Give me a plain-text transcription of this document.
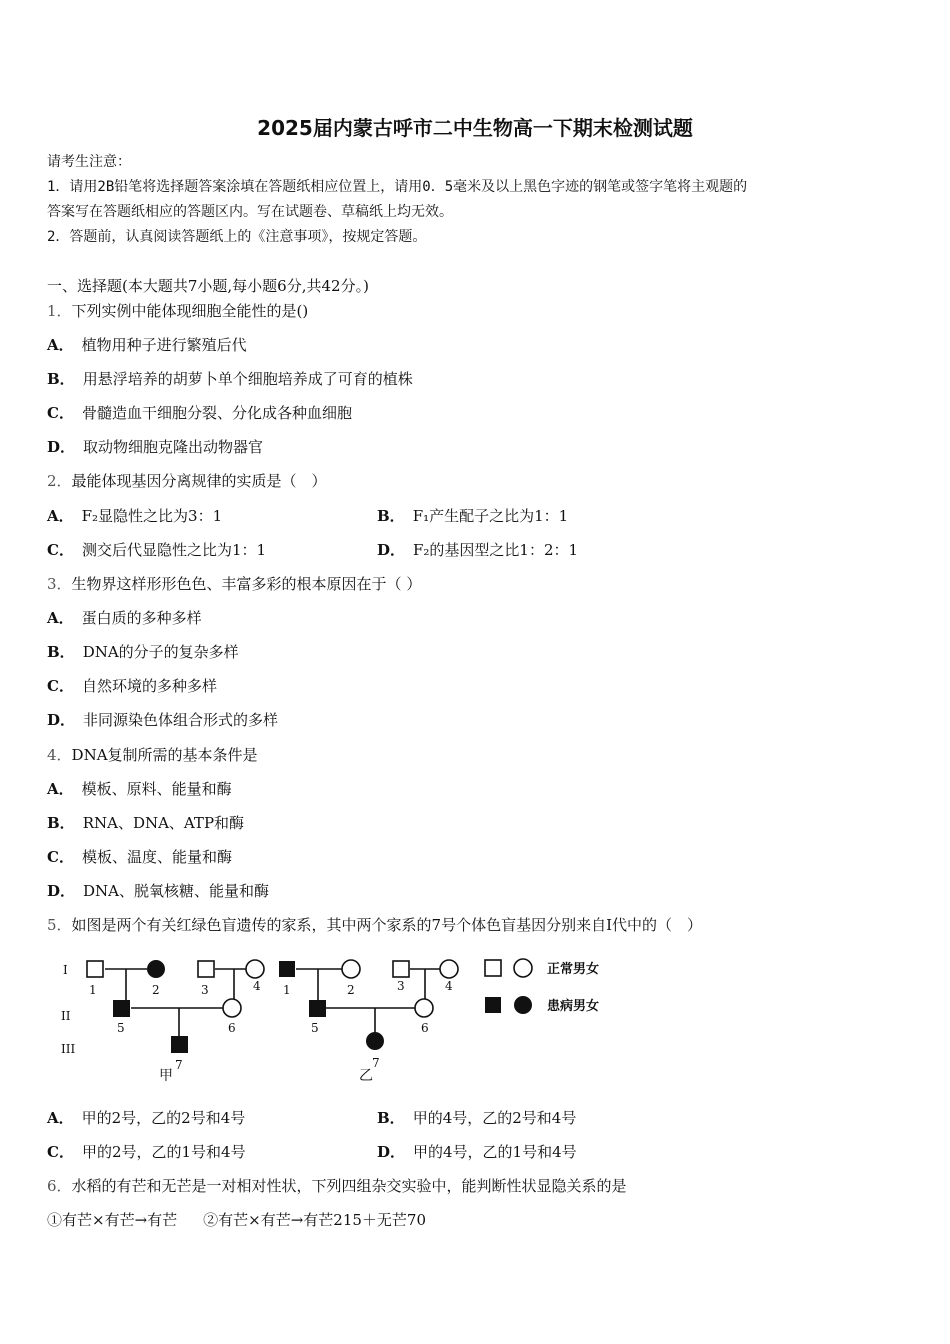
2025届内蒙古呼市二中生物高一下期末检测试题
请考生注意：
1．请用2B铅笔将选择题答案涂填在答题纸相应位置上，请用0．5毫米及以上黑色字迹的钢笔或签字笔将主观题的
答案写在答题纸相应的答题区内。写在试题卷、草稿纸上均无效。
2．答题前，认真阅读答题纸上的《注意事项》，按规定答题。
一、选择题(本大题共7小题,每小题6分,共42分。)
1．下列实例中能体现细胞全能性的是()
A． 植物用种子进行繁殖后代
B． 用悬浮培养的胡萝卜单个细胞培养成了可育的植株
C． 骨髓造血干细胞分裂、分化成各种血细胞
D． 取动物细胞克隆出动物器官
2．最能体现基因分离规律的实质是（　）
A． F₂显隐性之比为3：1	B． F₁产生配子之比为1：1
C． 测交后代显隐性之比为1：1	D． F₂的基因型之比1：2：1
3．生物界这样形形色色、丰富多彩的根本原因在于（ ）
A． 蛋白质的多种多样
B． DNA的分子的复杂多样
C． 自然环境的多种多样
D． 非同源染色体组合形式的多样
4．DNA复制所需的基本条件是
A． 模板、原料、能量和酶
B． RNA、DNA、ATP和酶
C． 模板、温度、能量和酶
D． DNA、脱氧核糖、能量和酶
5．如图是两个有关红绿色盲遗传的家系，其中两个家系的7号个体色盲基因分别来自I代中的（　）
I
II
III
1	2	3	4
5	6
7
1	2	3	4
5	6
7
甲	乙
正常男女
患病男女
A． 甲的2号，乙的2号和4号	B． 甲的4号，乙的2号和4号
C． 甲的2号，乙的1号和4号	D． 甲的4号，乙的1号和4号
6．水稻的有芒和无芒是一对相对性状，下列四组杂交实验中，能判断性状显隐关系的是
①有芒×有芒→有芒 ②有芒×有芒→有芒215＋无芒70
